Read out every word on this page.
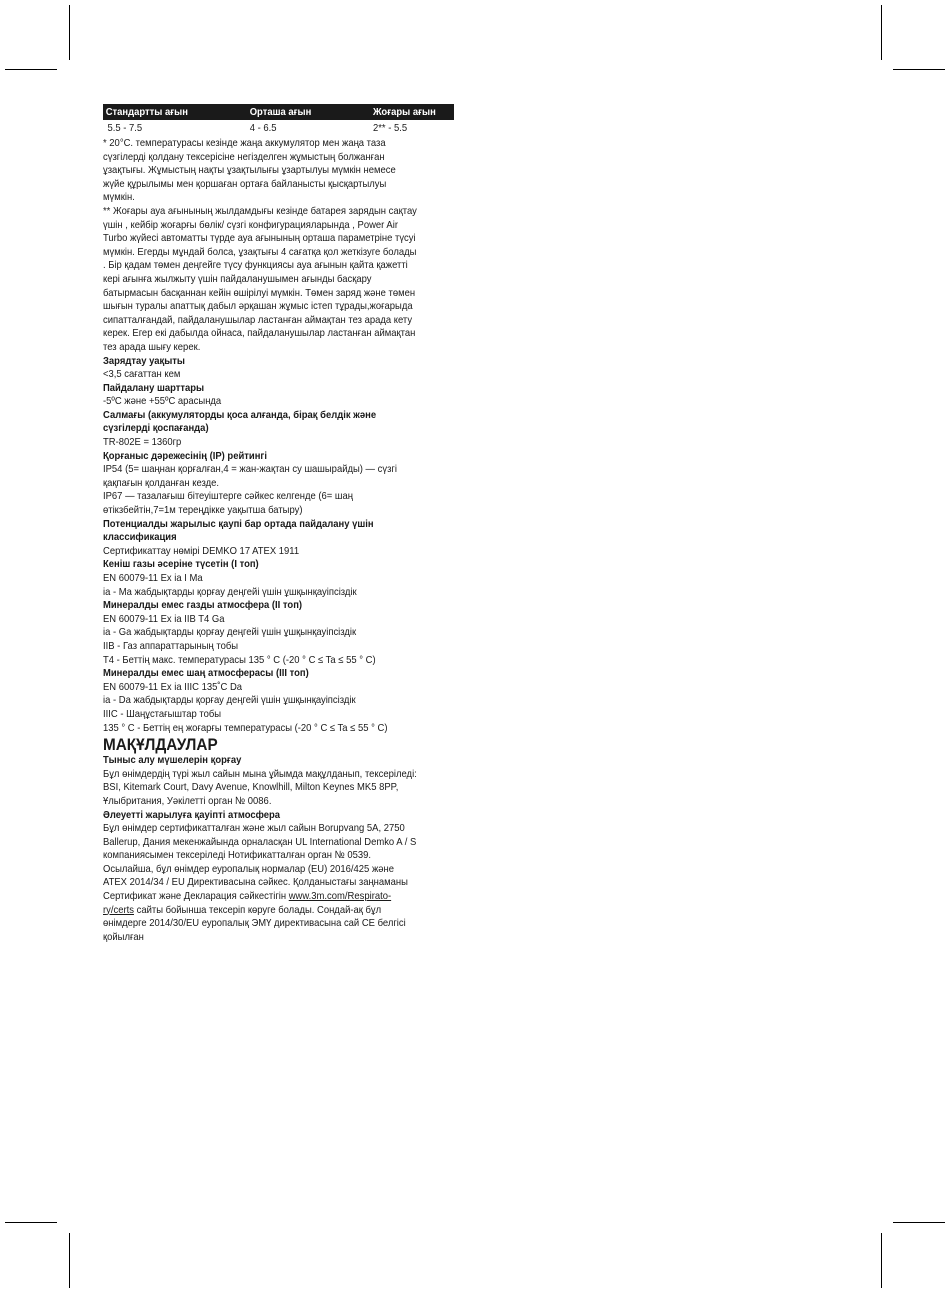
Стандартты ағын	Орташа ағын	Жоғары ағын
5.5 - 7.5	4 - 6.5	2** - 5.5

* 20°C. температурасы кезінде жаңа аккумулятор мен жаңа таза сүзгілерді қолдану тексерісіне негізделген жұмыстың болжанған ұзақтығы. Жұмыстың нақты ұзақтылығы ұзартылуы мүмкін немесе жүйе құрылымы мен қоршаған ортаға байланысты қысқартылуы мүмкін.

** Жоғары ауа ағынының жылдамдығы кезінде батарея зарядын сақтау үшін , кейбір жоғарғы бөлік/ сүзгі конфигурацияларында , Power Air Turbo жүйесі автоматты түрде ауа ағынының орташа параметріне түсуі мүмкін. Егерды мұндай болса, ұзақтығы 4 сағатқа қол жеткізуге болады . Бір қадам төмен деңгейге түсу функциясы ауа ағынын қайта қажетті кері ағынға жылжыту үшін пайдаланушымен ағынды басқару батырмасын басқаннан кейін өшірілуі мүмкін. Төмен заряд және төмен шығын туралы апаттық дабыл әрқашан жұмыс істеп тұрады,жоғарыда сипатталғандай, пайдаланушылар ластанған аймақтан тез арада кету керек. Егер екі дабылда ойнаса, пайдаланушылар ластанған аймақтан тез арада шығу керек.

Зарядтау уақыты

<3,5 сағаттан кем

Пайдалану шарттары

-5ºC және +55ºC арасында

Салмағы (аккумуляторды қоса алғанда, бірақ белдік және сүзгілерді қоспағанда)

TR-802E = 1360гр

Қорғаныс дәрежесінің (IP) рейтингі

IP54 (5= шаңнан қорғалған,4 = жан-жақтан су шашырайды) — сүзгі қақпағын қолданған кезде.

IP67 — тазалағыш бітеуіштерге сәйкес келгенде (6= шаң өтікзбейтін,7=1м тереңдікке уақытша батыру)

Потенциалды жарылыс қаупі бар ортада пайдалану үшін классификация

Сертификаттау нөмірі DEMKO 17 ATEX 1911

Кеніш газы әсеріне түсетін (I топ)

EN 60079-11 Ex ia I Ma

ia - Ma жабдықтарды қорғау деңгейі үшін ұшқынқауіпсіздік

Минералды емес газды атмосфера (II топ)

EN 60079-11 Ex ia IIB T4 Ga

ia - Ga жабдықтарды қорғау деңгейі үшін ұшқынқауіпсіздік

IIB - Газ аппараттарының тобы

T4 - Беттің макс. температурасы 135 ° C (-20 ° C ≤ Ta ≤ 55 ° C)

Минералды емес шаң атмосферасы (III топ)

EN 60079-11 Ex ia IIIC 135˚C Da

ia - Da жабдықтарды қорғау деңгейі үшін ұшқынқауіпсіздік

IIIC - Шаңұстағыштар тобы

135 ° C - Беттің ең жоғарғы температурасы (-20 ° C ≤ Ta ≤ 55 ° C)

МАҚҰЛДАУЛАР

Тыныс алу мүшелерін қорғау

Бұл өнімдердің түрі жыл сайын мына ұйымда мақұлданып, тексеріледі: BSI, Kitemark Court, Davy Avenue, Knowlhill, Milton Keynes MK5 8PP, Ұлыбритания, Уәкілетті орган № 0086.

Әлеуетті жарылуға қауіпті атмосфера

Бұл өнімдер сертификатталған және жыл сайын Borupvang 5A, 2750 Ballerup, Дания мекенжайында орналасқан UL International Demko A / S компаниясымен тексеріледі Нотификатталған орган № 0539. Осылайша, бұл өнімдер еуропалық нормалар (EU) 2016/425 және ATEX 2014/34 / EU Директивасына сәйкес. Қолданыстағы заңнаманы Сертификат және Декларация сәйкестігін www.3m.com/Respirato-ry/certs сайты бойынша тексеріп көруге болады. Сондай-ақ бұл өнімдерге 2014/30/EU еуропалық ЭМҮ директивасына сай CE белгісі қойылған
